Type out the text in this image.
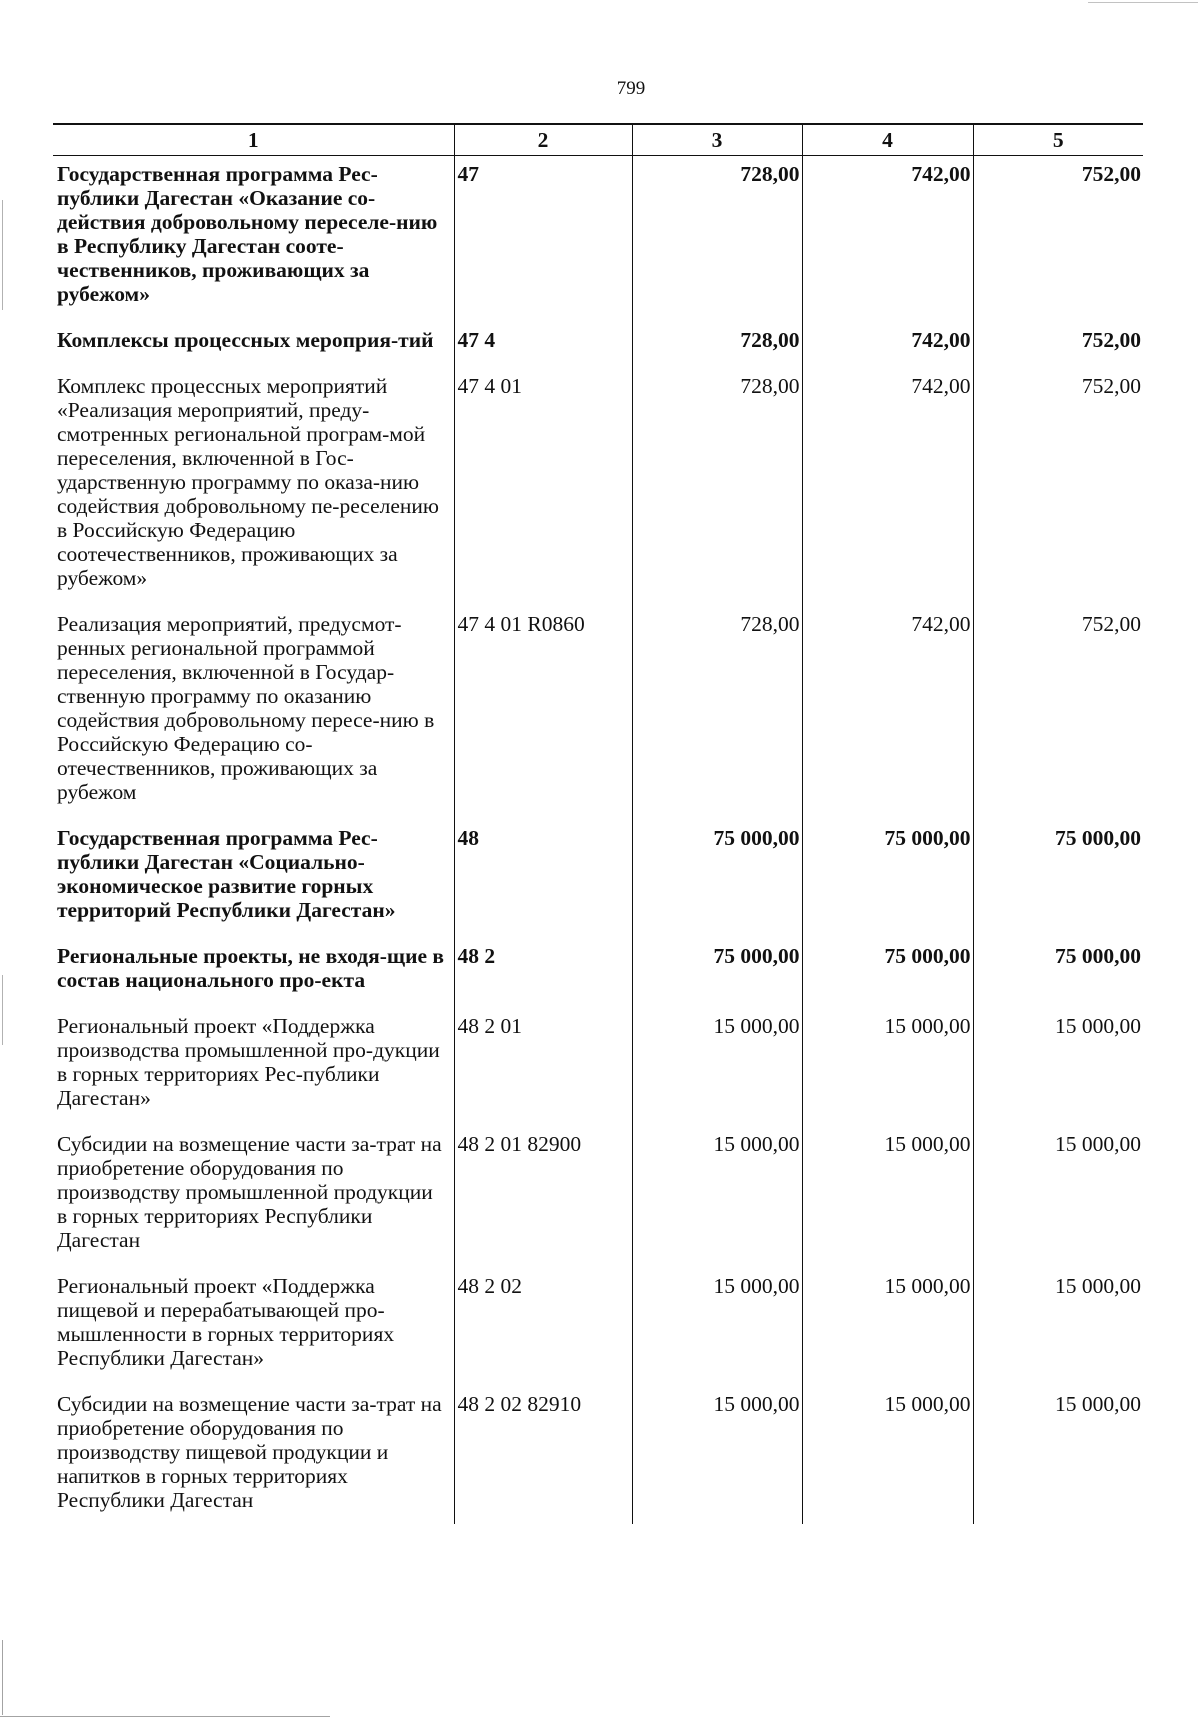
799
1	2	3	4	5
Государственная программа Рес-публики Дагестан «Оказание со-действия добровольному переселе-нию в Республику Дагестан соотe-чественников, проживающих за рубежом»	47	728,00	742,00	752,00
Комплексы процессных мероприя-тий	47 4	728,00	742,00	752,00
Комплекс процессных мероприятий «Реализация мероприятий, преду-смотренных региональной програм-мой переселения, включенной в Гос-ударственную программу по оказа-нию содействия добровольному пе-реселению в Российскую Федерацию соотечественников, проживающих за рубежом»	47 4 01	728,00	742,00	752,00
Реализация мероприятий, предусмот-ренных региональной программой переселения, включенной в Государ-ственную программу по оказанию содействия добровольному пересе-нию в Российскую Федерацию со-отечественников, проживающих за рубежом	47 4 01 R0860	728,00	742,00	752,00
Государственная программа Рес-публики Дагестан «Социально-экономическое развитие горных территорий Республики Дагестан»	48	75 000,00	75 000,00	75 000,00
Региональные проекты, не входя-щие в состав национального про-екта	48 2	75 000,00	75 000,00	75 000,00
Региональный проект «Поддержка производства промышленной про-дукции в горных территориях Рес-публики Дагестан»	48 2 01	15 000,00	15 000,00	15 000,00
Субсидии на возмещение части за-трат на приобретение оборудования по производству промышленной продукции в горных территориях Республики Дагестан	48 2 01 82900	15 000,00	15 000,00	15 000,00
Региональный проект «Поддержка пищевой и перерабатывающей про-мышленности в горных территориях Республики Дагестан»	48 2 02	15 000,00	15 000,00	15 000,00
Субсидии на возмещение части за-трат на приобретение оборудования по производству пищевой продукции и напитков в горных территориях Республики Дагестан	48 2 02 82910	15 000,00	15 000,00	15 000,00
